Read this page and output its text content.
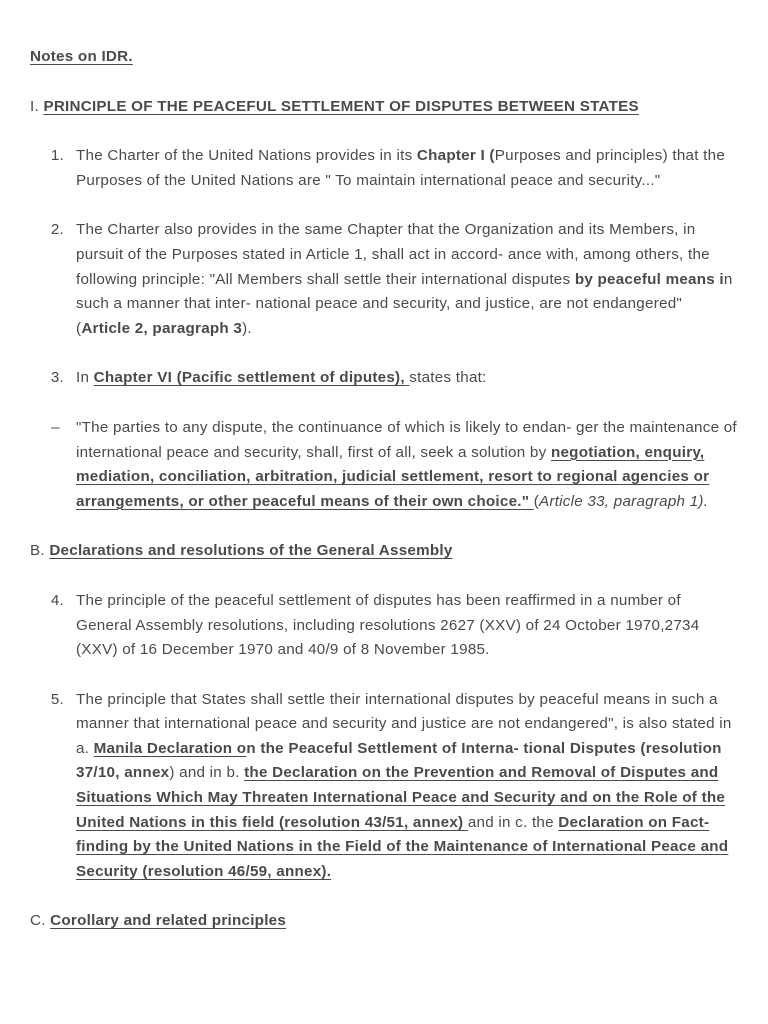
Notes on IDR.
I. PRINCIPLE OF THE PEACEFUL SETTLEMENT OF DISPUTES BETWEEN STATES
1. The Charter of the United Nations provides in its Chapter I (Purposes and principles) that the Purposes of the United Nations are " To maintain international peace and security..."
2. The Charter also provides in the same Chapter that the Organization and its Members, in pursuit of the Purposes stated in Article 1, shall act in accord- ance with, among others, the following principle: "All Members shall settle their international disputes by peaceful means in such a manner that inter- national peace and security, and justice, are not endangered" (Article 2, paragraph 3).
3. In Chapter VI (Pacific settlement of diputes), states that:
–	"The parties to any dispute, the continuance of which is likely to endan- ger the maintenance of international peace and security, shall, first of all, seek a solution by negotiation, enquiry, mediation, conciliation, arbitration, judicial settlement, resort to regional agencies or arrangements, or other peaceful means of their own choice." (Article 33, paragraph 1).
B. Declarations and resolutions of the General Assembly
4. The principle of the peaceful settlement of disputes has been reaffirmed in a number of General Assembly resolutions, including resolutions 2627 (XXV) of 24 October 1970,2734 (XXV) of 16 December 1970 and 40/9 of 8 November 1985.
5. The principle that States shall settle their international disputes by peaceful means in such a manner that international peace and security and justice are not endangered", is also stated in a. Manila Declaration on the Peaceful Settlement of Interna- tional Disputes (resolution 37/10, annex) and in b. the Declaration on the Prevention and Removal of Disputes and Situations Which May Threaten International Peace and Security and on the Role of the United Nations in this field (resolution 43/51, annex) and in c. the Declaration on Fact-finding by the United Nations in the Field of the Maintenance of International Peace and Security (resolution 46/59, annex).
C. Corollary and related principles
